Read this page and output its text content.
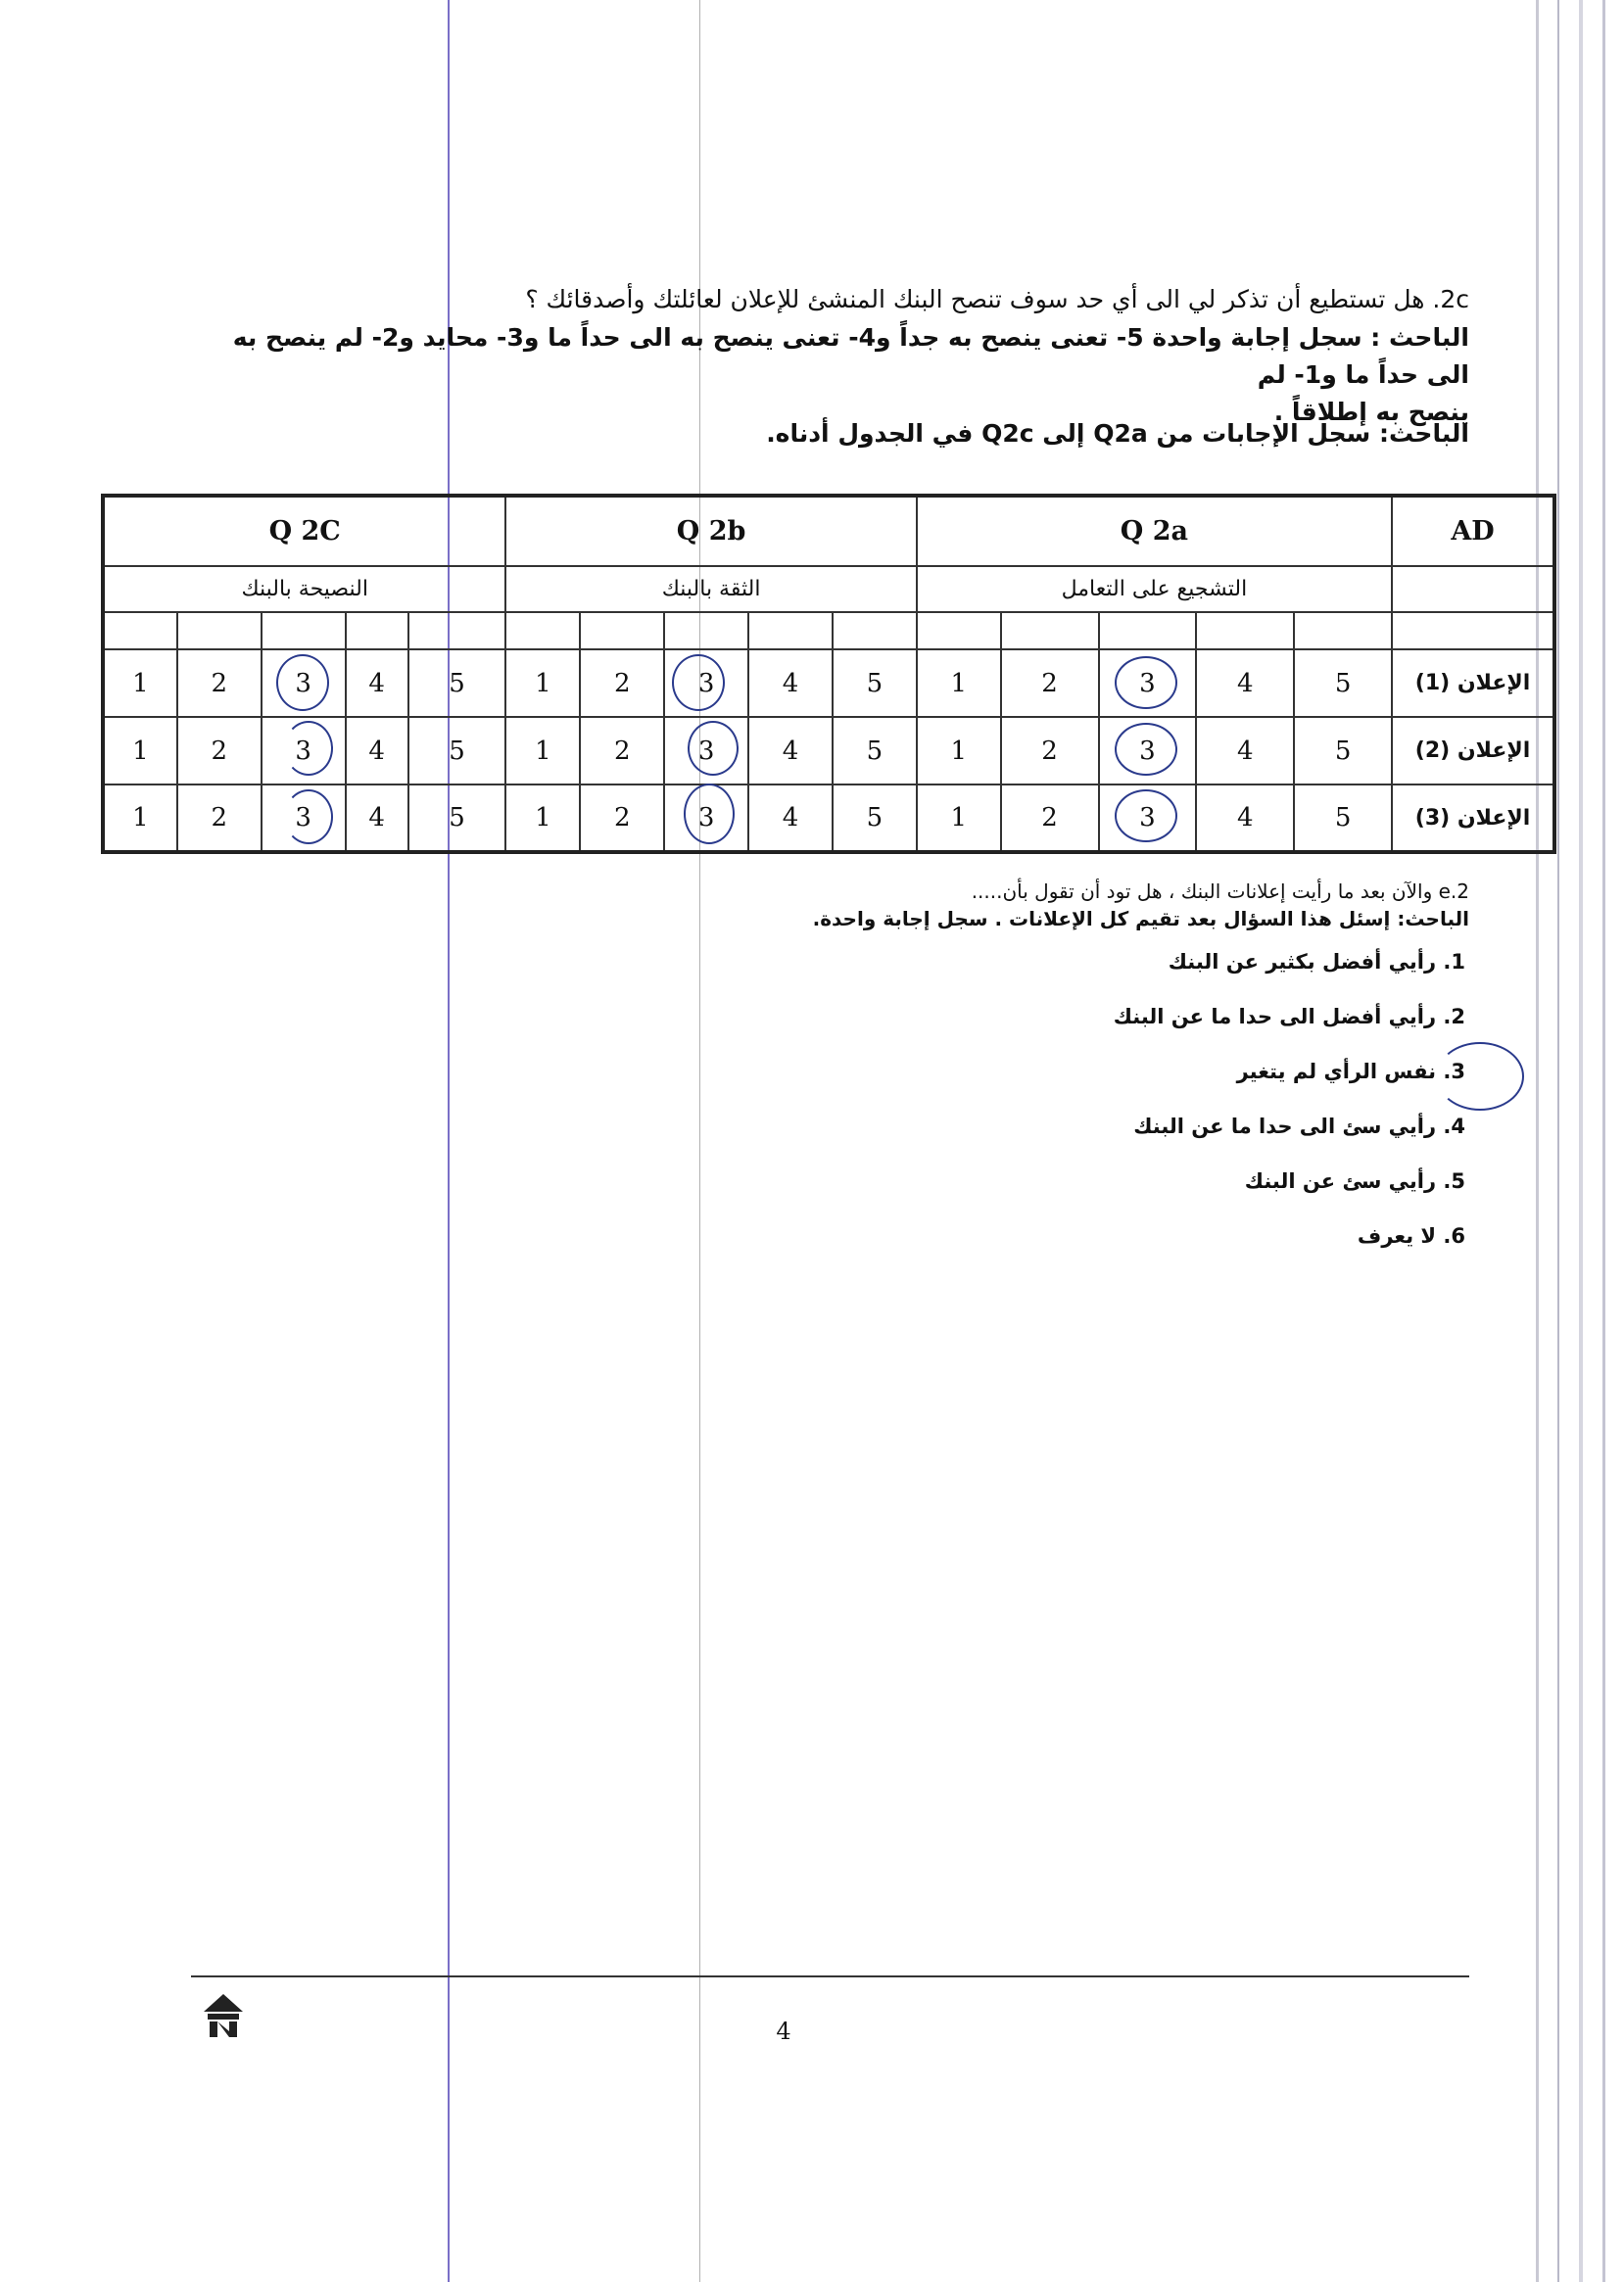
2c. هل تستطيع أن تذكر لي الى أي حد سوف تنصح البنك المنشئ للإعلان لعائلتك وأصدقائك ؟
الباحث : سجل إجابة واحدة 5- تعنى ينصح به جداً و4- تعنى ينصح به الى حداً ما و3- محايد و2- لم ينصح به الى حداً ما و1- لم
ينصح به إطلاقاً .
الباحث: سجل الإجابات من Q2a إلى Q2c في الجدول أدناه.
Q 2C					Q 2b					Q 2a					AD
النصيحة بالبنك					الثقة بالبنك					التشجيع على التعامل					

1	2	3	4	5	1	2	3	4	5	1	2	3	4	5	الإعلان (1)
1	2	3	4	5	1	2	3	4	5	1	2	3	4	5	الإعلان (2)
1	2	3	4	5	1	2	3	4	5	1	2	3	4	5	الإعلان (3)
2.e والآن بعد ما رأيت إعلانات البنك ، هل تود أن تقول بأن.....
الباحث: إسئل هذا السؤال بعد تقيم كل الإعلانات . سجل إجابة واحدة.
1. رأيي أفضل بكثير عن البنك
2. رأيي أفضل الى حدا ما عن البنك
3. نفس الرأي لم يتغير
4. رأيي سئ الى حدا ما عن البنك
5. رأيي سئ عن البنك
6. لا يعرف
4
